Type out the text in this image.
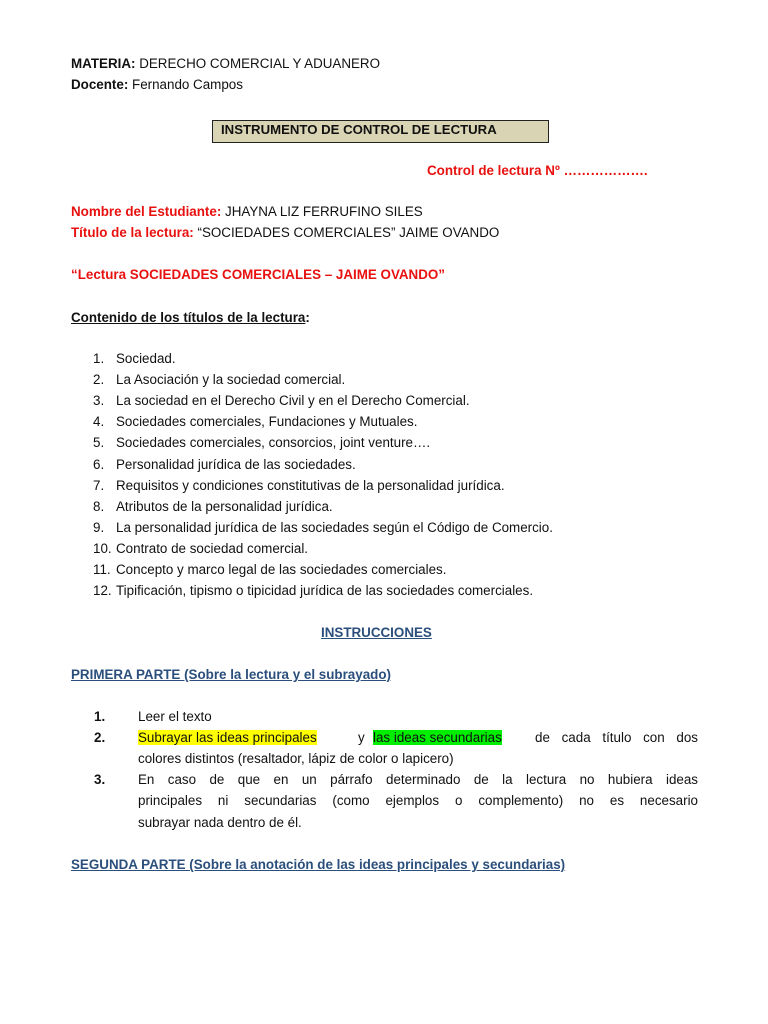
MATERIA: DERECHO COMERCIAL Y ADUANERO
Docente: Fernando Campos
INSTRUMENTO DE CONTROL DE LECTURA
Control de lectura Nº ……………….
Nombre del Estudiante: JHAYNA LIZ FERRUFINO SILES
Título de la lectura: “SOCIEDADES COMERCIALES” JAIME OVANDO
“Lectura SOCIEDADES COMERCIALES – JAIME OVANDO”
Contenido de los títulos de la lectura:
1. Sociedad.
2. La Asociación y la sociedad comercial.
3. La sociedad en el Derecho Civil y en el Derecho Comercial.
4. Sociedades comerciales, Fundaciones y Mutuales.
5. Sociedades comerciales, consorcios, joint venture….
6. Personalidad jurídica de las sociedades.
7. Requisitos y condiciones constitutivas de la personalidad jurídica.
8. Atributos de la personalidad jurídica.
9. La personalidad jurídica de las sociedades según el Código de Comercio.
10. Contrato de sociedad comercial.
11. Concepto y marco legal de las sociedades comerciales.
12. Tipificación, tipismo o tipicidad jurídica de las sociedades comerciales.
INSTRUCCIONES
PRIMERA PARTE (Sobre la lectura y el subrayado)
1. Leer el texto
2. Subrayar las ideas principales	y las ideas secundarias de cada título con dos
colores distintos (resaltador, lápiz de color o lapicero)
3. En caso de que en un párrafo determinado de la lectura no hubiera ideas
principales ni secundarias (como ejemplos o complemento) no es necesario
subrayar nada dentro de él.
SEGUNDA PARTE (Sobre la anotación de las ideas principales y secundarias)
